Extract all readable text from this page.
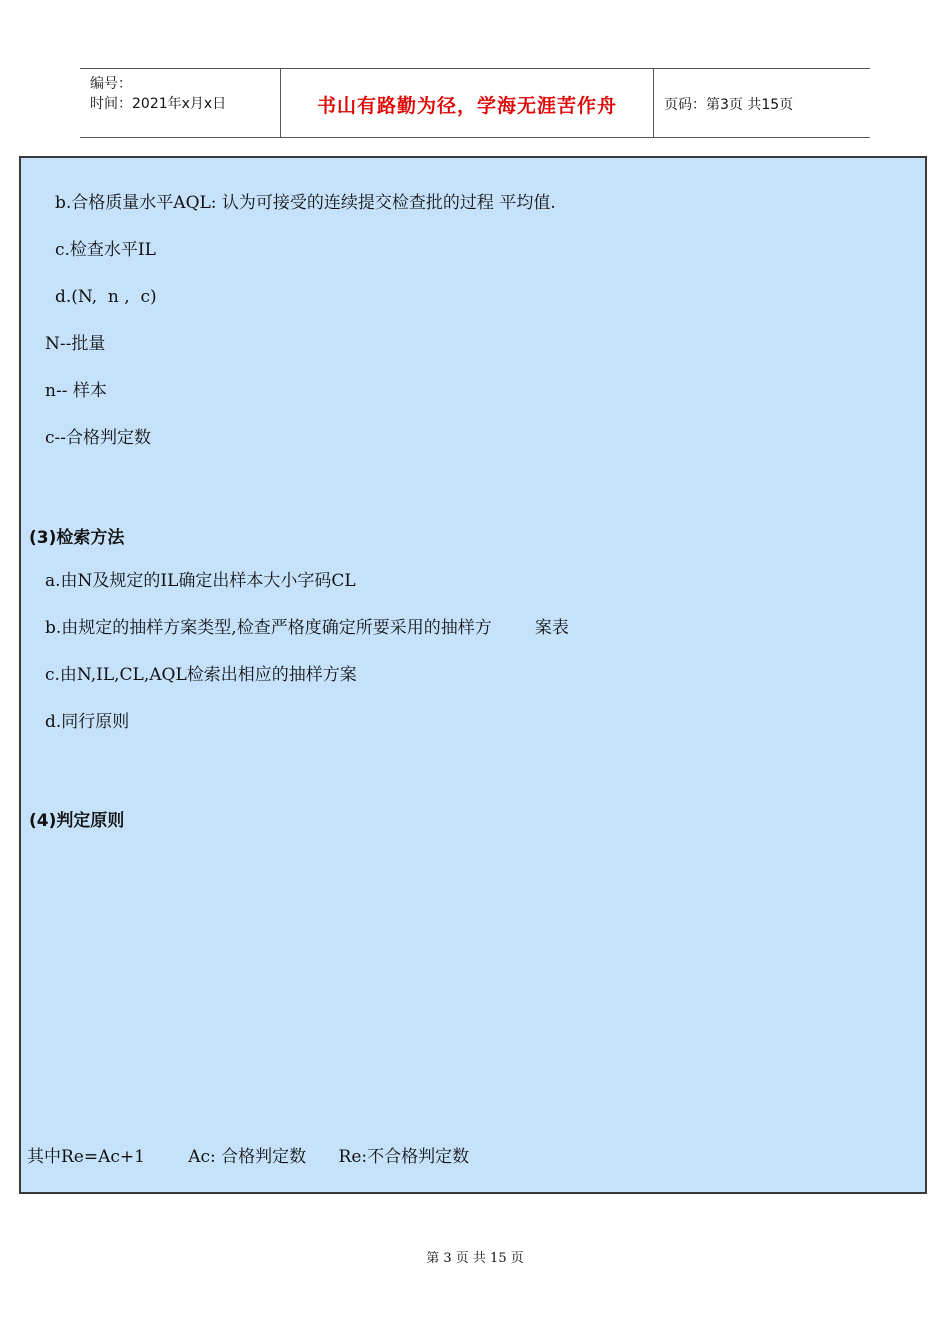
编号：
时间：2021年x月x日	书山有路勤为径，学海无涯苦作舟	页码：第3页 共15页
b.合格质量水平AQL: 认为可接受的连续提交检查批的过程 平均值.
c.检查水平IL
d.(N,  n ,  c)
N--批量
n-- 样本
c--合格判定数
(3)检索方法
a.由N及规定的IL确定出样本大小字码CL
b.由规定的抽样方案类型,检查严格度确定所要采用的抽样方        案表
c.由N,IL,CL,AQL检索出相应的抽样方案
d.同行原则
(4)判定原则
其中Re=Ac+1        Ac: 合格判定数      Re:不合格判定数
第 3 页 共 15 页
